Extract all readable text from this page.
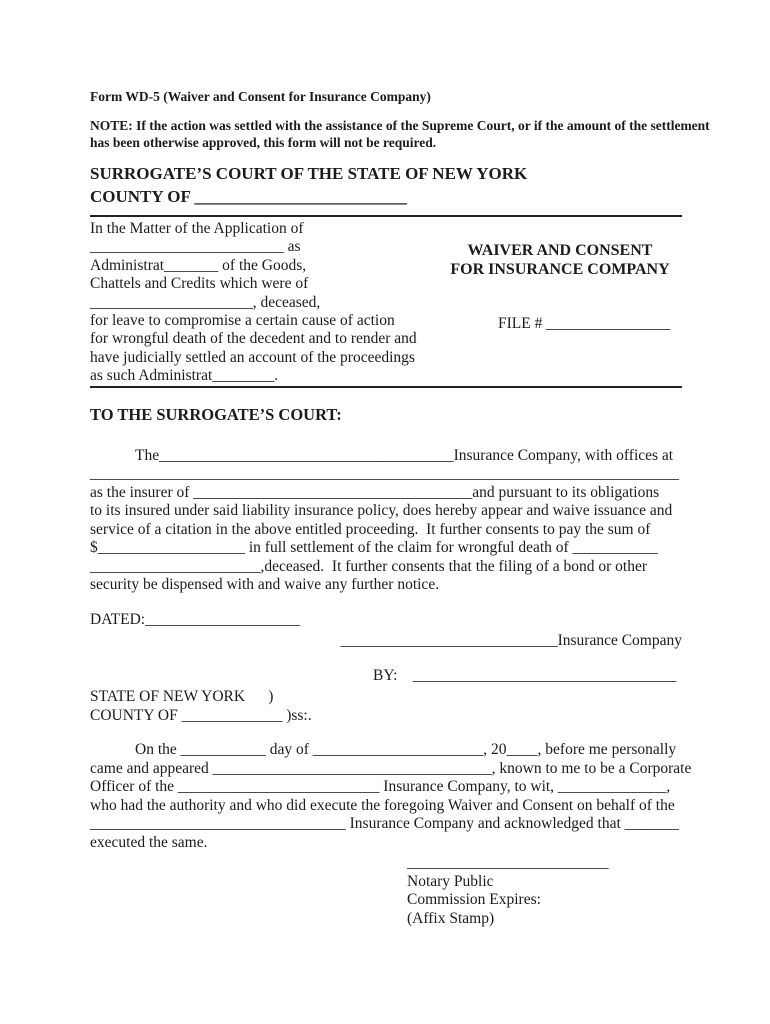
Form WD-5 (Waiver and Consent for Insurance Company)
NOTE: If the action was settled with the assistance of the Supreme Court, or if the amount of the settlement
has been otherwise approved, this form will not be required.
SURROGATE’S COURT OF THE STATE OF NEW YORK
COUNTY OF _________________________
In the Matter of the Application of
_________________________ as
Administrat_______ of the Goods,
Chattels and Credits which were of
_____________________, deceased,
for leave to compromise a certain cause of action
for wrongful death of the decedent and to render and
have judicially settled an account of the proceedings
as such Administrat________.
WAIVER AND CONSENT
FOR INSURANCE COMPANY
FILE # ________________
TO THE SURROGATE’S COURT:
The______________________________________Insurance Company, with offices at
____________________________________________________________________________
as the insurer of ____________________________________and pursuant to its obligations
to its insured under said liability insurance policy, does hereby appear and waive issuance and
service of a citation in the above entitled proceeding.  It further consents to pay the sum of
$___________________ in full settlement of the claim for wrongful death of ___________
______________________,deceased.  It further consents that the filing of a bond or other
security be dispensed with and waive any further notice.
DATED:____________________
____________________________Insurance Company
BY:    __________________________________
STATE OF NEW YORK      )
COUNTY OF _____________ )ss:.
On the ___________ day of ______________________, 20____, before me personally
came and appeared ____________________________________, known to me to be a Corporate
Officer of the __________________________ Insurance Company, to wit, ______________,
who had the authority and who did execute the foregoing Waiver and Consent on behalf of the
_________________________________ Insurance Company and acknowledged that _______
executed the same.
__________________________
Notary Public
Commission Expires:
(Affix Stamp)
